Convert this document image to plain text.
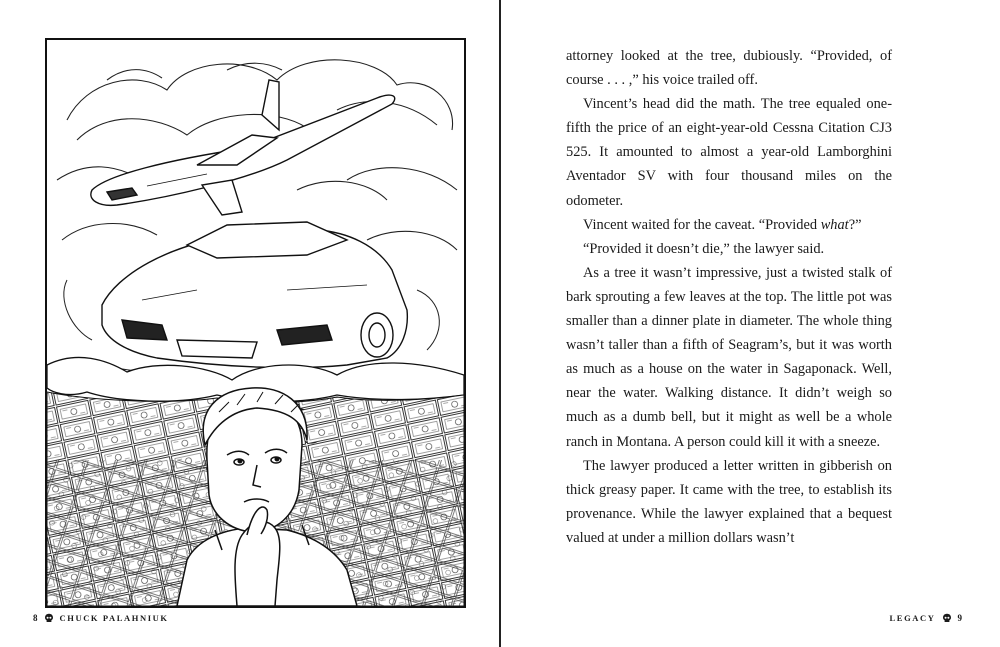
8	CHUCK PALAHNIUK

attorney looked at the tree, dubiously. “Provided, of course . . . ,” his voice trailed off.

Vincent’s head did the math. The tree equaled one-fifth the price of an eight-year-old Cessna Citation CJ3 525. It amounted to almost a year-old Lamborghini Aventador SV with four thousand miles on the odometer.

Vincent waited for the caveat. “Provided what?”

“Provided it doesn’t die,” the lawyer said.

As a tree it wasn’t impressive, just a twisted stalk of bark sprouting a few leaves at the top. The little pot was smaller than a dinner plate in diameter. The whole thing wasn’t taller than a fifth of Seagram’s, but it was worth as much as a house on the water in Sagaponack. Well, near the water. Walking distance. It didn’t weigh so much as a dumb bell, but it might as well be a whole ranch in Montana. A person could kill it with a sneeze.

The lawyer produced a letter written in gibberish on thick greasy paper. It came with the tree, to establish its provenance. While the lawyer explained that a bequest valued at under a million dollars wasn’t

LEGACY 9
